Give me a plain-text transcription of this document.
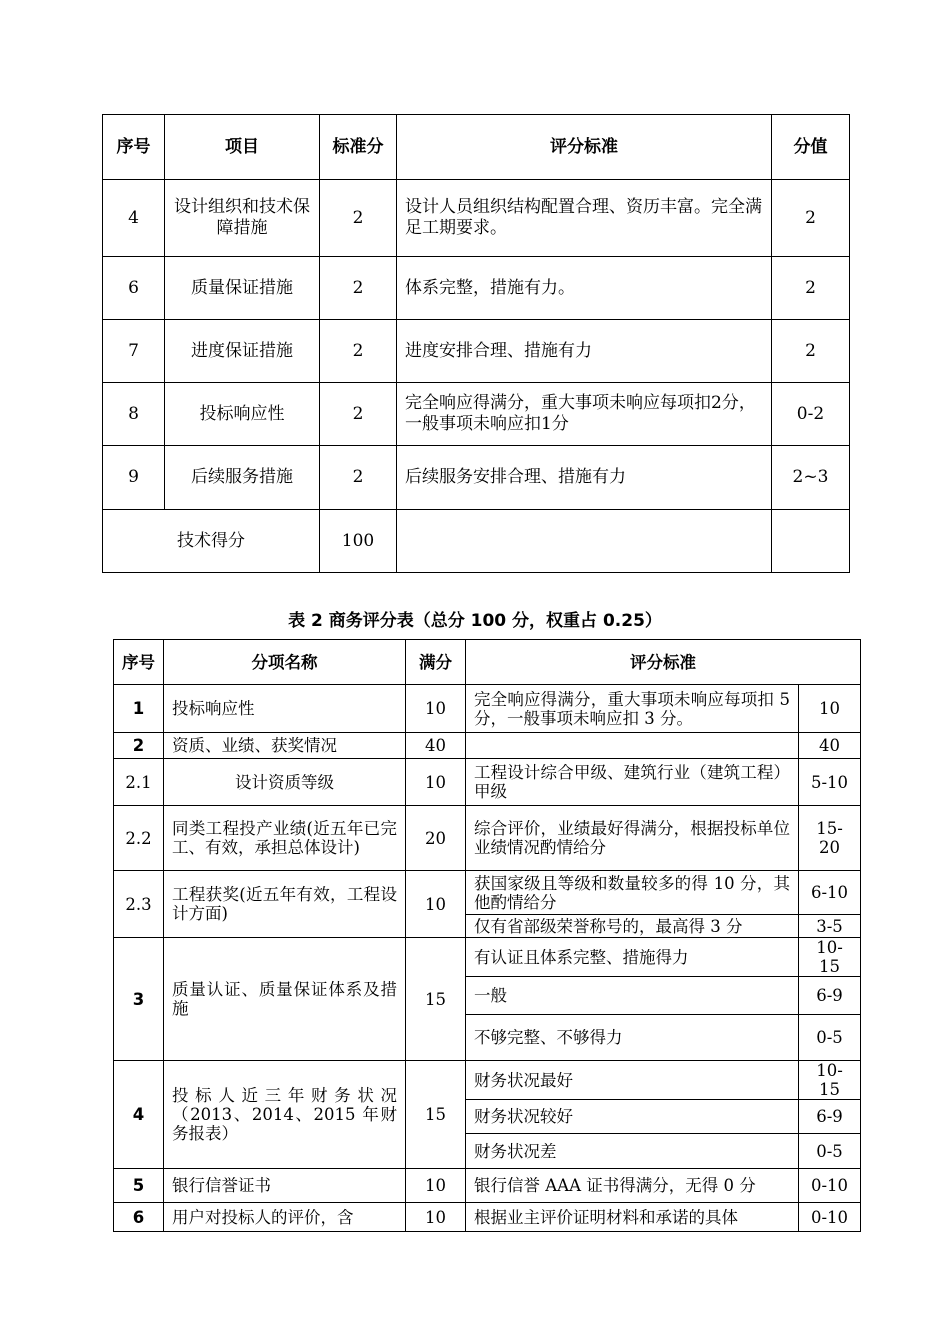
序号	项目	标准分	评分标准	分值
4	设计组织和技术保障措施	2	设计人员组织结构配置合理、资历丰富。完全满足工期要求。	2
6	质量保证措施	2	体系完整，措施有力。	2
7	进度保证措施	2	进度安排合理、措施有力	2
8	投标响应性	2	完全响应得满分，重大事项未响应每项扣2分，一般事项未响应扣1分	0-2
9	后续服务措施	2	后续服务安排合理、措施有力	2~3
技术得分		100		
表 2 商务评分表（总分 100 分，权重占 0.25）
序号	分项名称	满分	评分标准	
1	投标响应性	10	完全响应得满分，重大事项未响应每项扣 5 分，一般事项未响应扣 3 分。	10
2	资质、业绩、获奖情况	40		40
2.1	设计资质等级	10	工程设计综合甲级、建筑行业（建筑工程）甲级	5-10
2.2	同类工程投产业绩(近五年已完工、有效，承担总体设计)	20	综合评价，业绩最好得满分，根据投标单位业绩情况酌情给分	15-20
2.3	工程获奖(近五年有效，工程设计方面)	10	获国家级且等级和数量较多的得 10 分，其他酌情给分	6-10
			仅有省部级荣誉称号的，最高得 3 分	3-5
3	质量认证、质量保证体系及措施	15	有认证且体系完整、措施得力	10-15
			一般	6-9
			不够完整、不够得力	0-5
4	投标人近三年财务状况（2013、2014、2015 年财务报表）	15	财务状况最好	10-15
			财务状况较好	6-9
			财务状况差	0-5
5	银行信誉证书	10	银行信誉 AAA 证书得满分，无得 0 分	0-10
6	用户对投标人的评价，含	10	根据业主评价证明材料和承诺的具体	0-10
